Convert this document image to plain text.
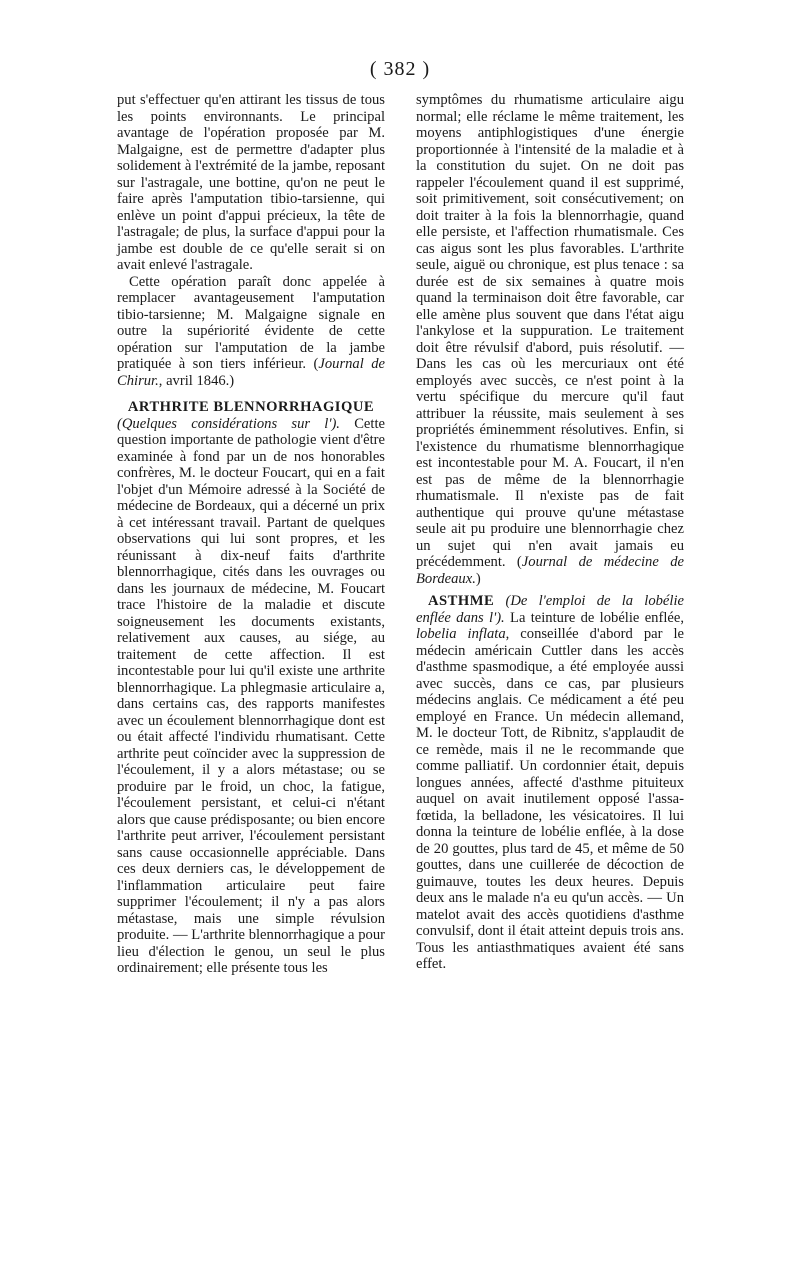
( 382 )

put s'effectuer qu'en attirant les tissus de tous les points environnants. Le principal avantage de l'opération proposée par M. Malgaigne, est de permettre d'adapter plus solidement à l'extrémité de la jambe, reposant sur l'astragale, une bottine, qu'on ne peut le faire après l'amputation tibio-tarsienne, qui enlève un point d'appui précieux, la tête de l'astragale; de plus, la surface d'appui pour la jambe est double de ce qu'elle serait si on avait enlevé l'astragale.

Cette opération paraît donc appelée à remplacer avantageusement l'amputation tibio-tarsienne; M. Malgaigne signale en outre la supériorité évidente de cette opération sur l'amputation de la jambe pratiquée à son tiers inférieur. (Journal de Chirur., avril 1846.)

ARTHRITE BLENNORRHAGIQUE

(Quelques considérations sur l'). Cette question importante de pathologie vient d'être examinée à fond par un de nos honorables confrères, M. le docteur Foucart, qui en a fait l'objet d'un Mémoire adressé à la Société de médecine de Bordeaux, qui a décerné un prix à cet intéressant travail. Partant de quelques observations qui lui sont propres, et les réunissant à dix-neuf faits d'arthrite blennorrhagique, cités dans les ouvrages ou dans les journaux de médecine, M. Foucart trace l'histoire de la maladie et discute soigneusement les documents existants, relativement aux causes, au siége, au traitement de cette affection. Il est incontestable pour lui qu'il existe une arthrite blennorrhagique. La phlegmasie articulaire a, dans certains cas, des rapports manifestes avec un écoulement blennorrhagique dont est ou était affecté l'individu rhumatisant. Cette arthrite peut coïncider avec la suppression de l'écoulement, il y a alors métastase; ou se produire par le froid, un choc, la fatigue, l'écoulement persistant, et celui-ci n'étant alors que cause prédisposante; ou bien encore l'arthrite peut arriver, l'écoulement persistant sans cause occasionnelle appréciable. Dans ces deux derniers cas, le développement de l'inflammation articulaire peut faire supprimer l'écoulement; il n'y a pas alors métastase, mais une simple révulsion produite. — L'arthrite blennorrhagique a pour lieu d'élection le genou, un seul le plus ordinairement; elle présente tous les

symptômes du rhumatisme articulaire aigu normal; elle réclame le même traitement, les moyens antiphlogistiques d'une énergie proportionnée à l'intensité de la maladie et à la constitution du sujet. On ne doit pas rappeler l'écoulement quand il est supprimé, soit primitivement, soit consécutivement; on doit traiter à la fois la blennorrhagie, quand elle persiste, et l'affection rhumatismale. Ces cas aigus sont les plus favorables. L'arthrite seule, aiguë ou chronique, est plus tenace : sa durée est de six semaines à quatre mois quand la terminaison doit être favorable, car elle amène plus souvent que dans l'état aigu l'ankylose et la suppuration. Le traitement doit être révulsif d'abord, puis résolutif. — Dans les cas où les mercuriaux ont été employés avec succès, ce n'est point à la vertu spécifique du mercure qu'il faut attribuer la réussite, mais seulement à ses propriétés éminemment résolutives. Enfin, si l'existence du rhumatisme blennorrhagique est incontestable pour M. A. Foucart, il n'en est pas de même de la blennorrhagie rhumatismale. Il n'existe pas de fait authentique qui prouve qu'une métastase seule ait pu produire une blennorrhagie chez un sujet qui n'en avait jamais eu précédemment. (Journal de médecine de Bordeaux.)

ASTHME (De l'emploi de la lobélie enflée dans l'). La teinture de lobélie enflée, lobelia inflata, conseillée d'abord par le médecin américain Cuttler dans les accès d'asthme spasmodique, a été employée aussi avec succès, dans ce cas, par plusieurs médecins anglais. Ce médicament a été peu employé en France. Un médecin allemand, M. le docteur Tott, de Ribnitz, s'applaudit de ce remède, mais il ne le recommande que comme palliatif. Un cordonnier était, depuis longues années, affecté d'asthme pituiteux auquel on avait inutilement opposé l'assa-fœtida, la belladone, les vésicatoires. Il lui donna la teinture de lobélie enflée, à la dose de 20 gouttes, plus tard de 45, et même de 50 gouttes, dans une cuillerée de décoction de guimauve, toutes les deux heures. Depuis deux ans le malade n'a eu qu'un accès. — Un matelot avait des accès quotidiens d'asthme convulsif, dont il était atteint depuis trois ans. Tous les antiasthmatiques avaient été sans effet.
